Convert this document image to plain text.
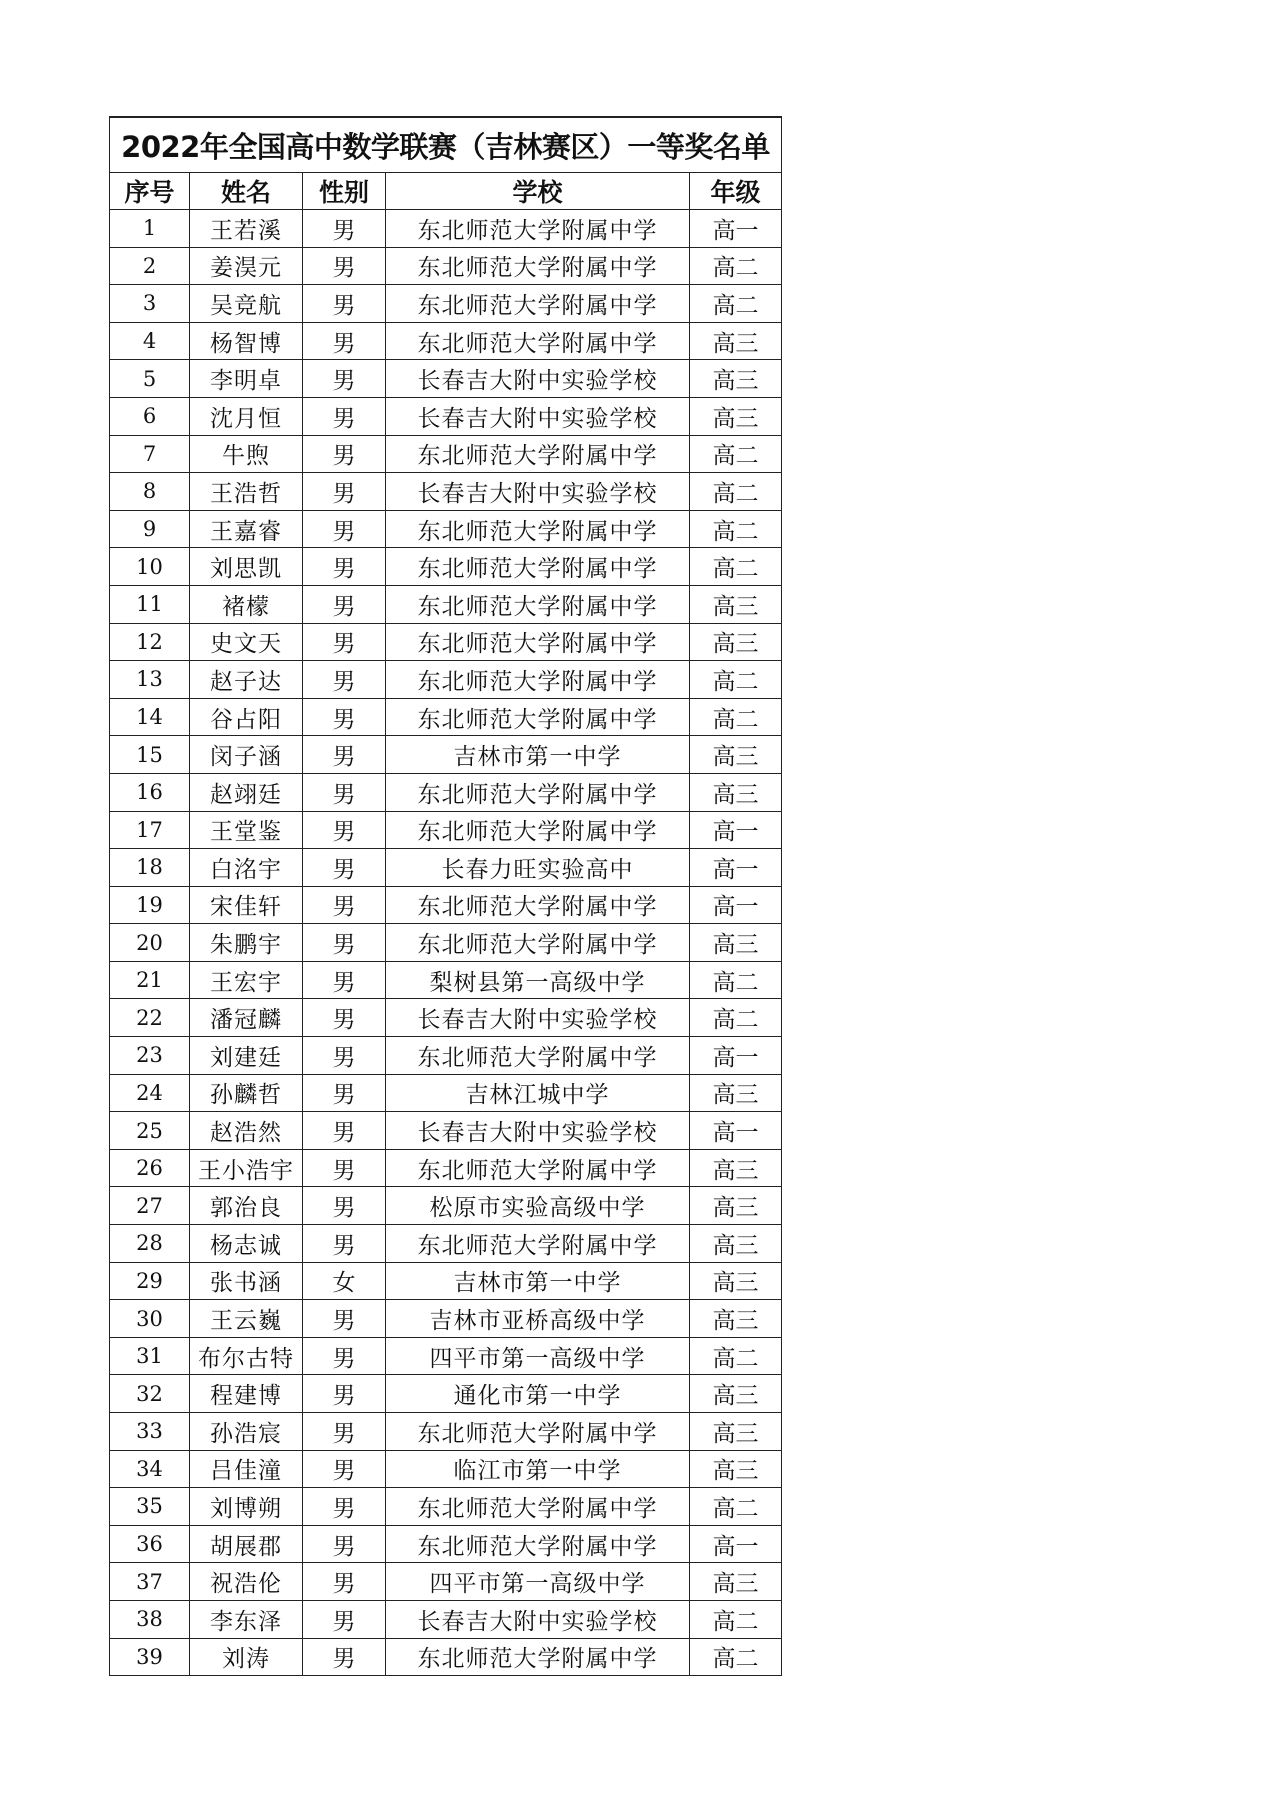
2022年全国高中数学联赛（吉林赛区）一等奖名单				
序号	姓名	性别	学校	年级
1	王若溪	男	东北师范大学附属中学	高一
2	姜淏元	男	东北师范大学附属中学	高二
3	吴竞航	男	东北师范大学附属中学	高二
4	杨智博	男	东北师范大学附属中学	高三
5	李明卓	男	长春吉大附中实验学校	高三
6	沈月恒	男	长春吉大附中实验学校	高三
7	牛煦	男	东北师范大学附属中学	高二
8	王浩哲	男	长春吉大附中实验学校	高二
9	王嘉睿	男	东北师范大学附属中学	高二
10	刘思凯	男	东北师范大学附属中学	高二
11	褚檬	男	东北师范大学附属中学	高三
12	史文天	男	东北师范大学附属中学	高三
13	赵子达	男	东北师范大学附属中学	高二
14	谷占阳	男	东北师范大学附属中学	高二
15	闵子涵	男	吉林市第一中学	高三
16	赵翊廷	男	东北师范大学附属中学	高三
17	王堂鉴	男	东北师范大学附属中学	高一
18	白洺宇	男	长春力旺实验高中	高一
19	宋佳轩	男	东北师范大学附属中学	高一
20	朱鹏宇	男	东北师范大学附属中学	高三
21	王宏宇	男	梨树县第一高级中学	高二
22	潘冠麟	男	长春吉大附中实验学校	高二
23	刘建廷	男	东北师范大学附属中学	高一
24	孙麟哲	男	吉林江城中学	高三
25	赵浩然	男	长春吉大附中实验学校	高一
26	王小浩宇	男	东北师范大学附属中学	高三
27	郭治良	男	松原市实验高级中学	高三
28	杨志诚	男	东北师范大学附属中学	高三
29	张书涵	女	吉林市第一中学	高三
30	王云巍	男	吉林市亚桥高级中学	高三
31	布尔古特	男	四平市第一高级中学	高二
32	程建博	男	通化市第一中学	高三
33	孙浩宸	男	东北师范大学附属中学	高三
34	吕佳潼	男	临江市第一中学	高三
35	刘博朔	男	东北师范大学附属中学	高二
36	胡展郡	男	东北师范大学附属中学	高一
37	祝浩伦	男	四平市第一高级中学	高三
38	李东泽	男	长春吉大附中实验学校	高二
39	刘涛	男	东北师范大学附属中学	高二
